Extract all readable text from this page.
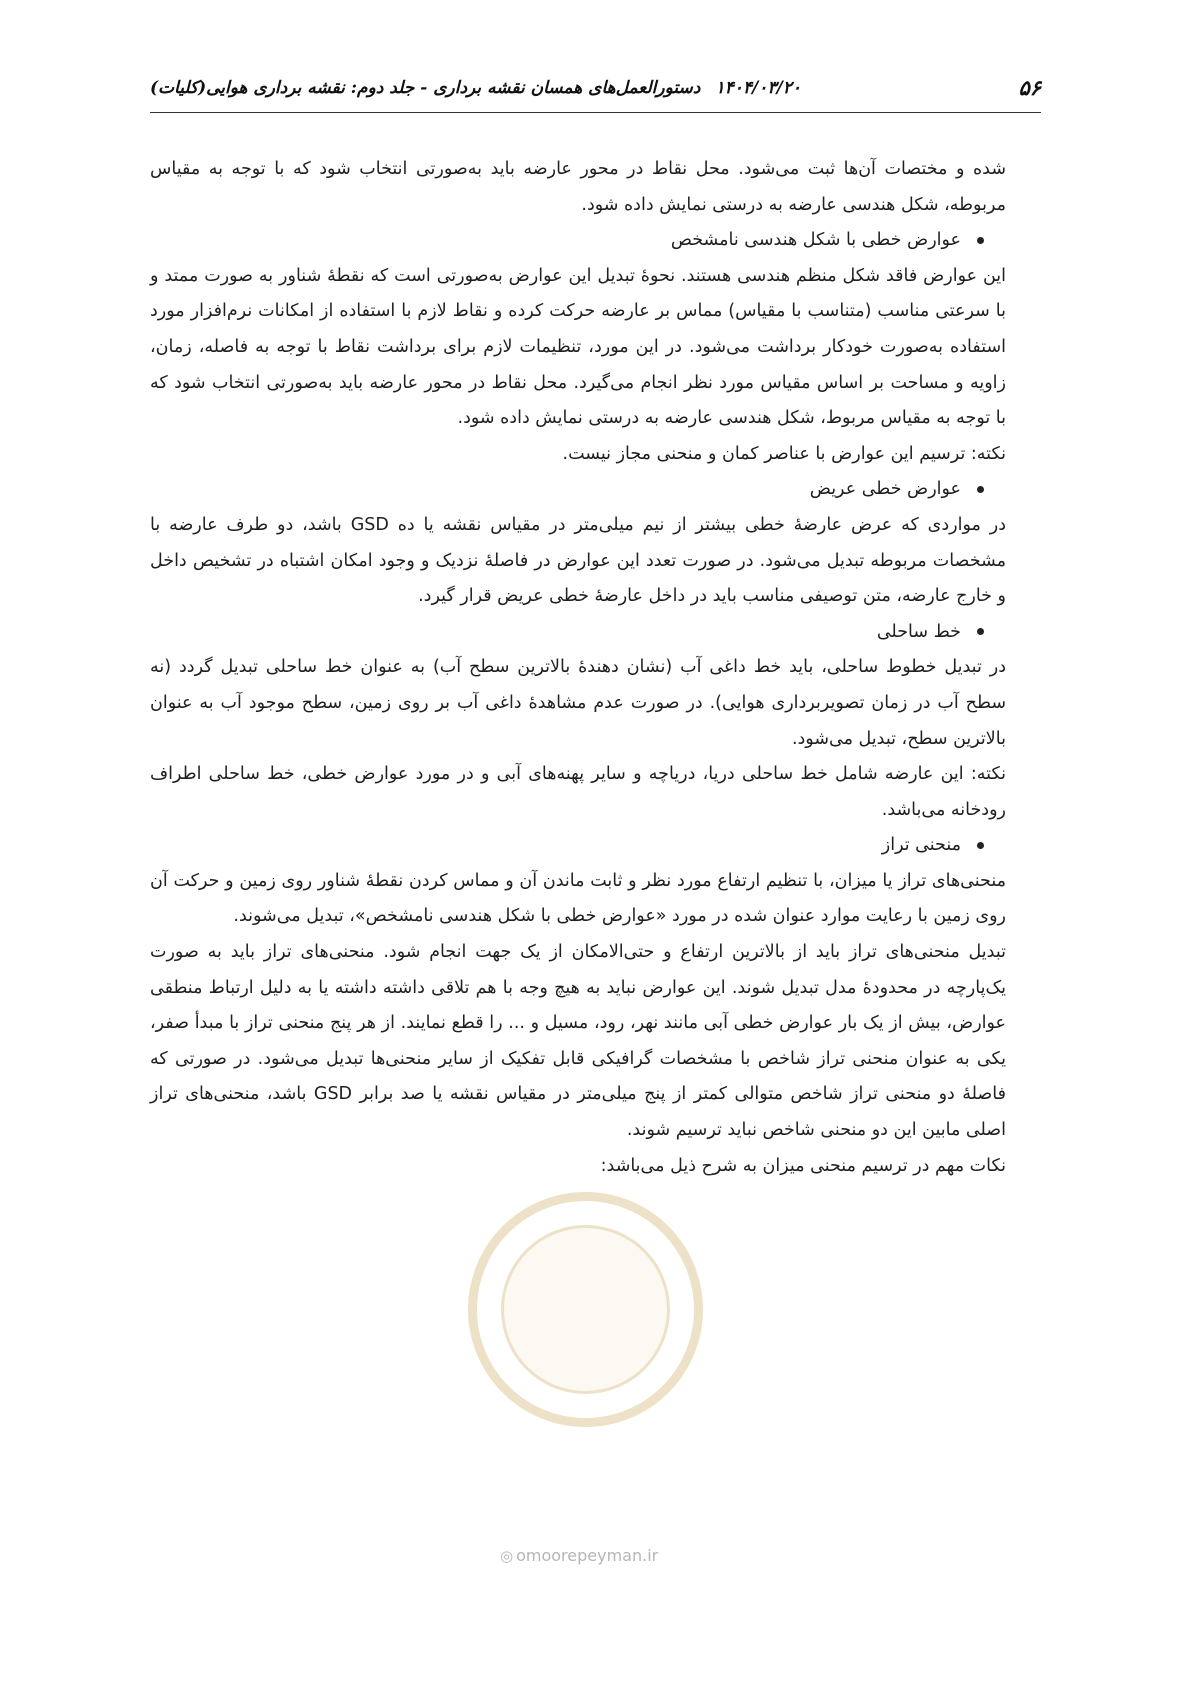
۵۶
۱۴۰۴/۰۳/۲۰
دستورالعمل‌های همسان نقشه برداری - جلد دوم: نقشه برداری هوایی(کلیات)

شده و مختصات آن‌ها ثبت می‌شود. محل نقاط در محور عارضه باید به‌صورتی انتخاب شود که با توجه به مقیاس مربوطه، شکل هندسی عارضه به درستی نمایش داده شود.

عوارض خطی با شکل هندسی نامشخص

این عوارض فاقد شکل منظم هندسی هستند. نحوهٔ تبدیل این عوارض به‌صورتی است که نقطهٔ شناور به صورت ممتد و با سرعتی مناسب (متناسب با مقیاس) مماس بر عارضه حرکت کرده و نقاط لازم با استفاده از امکانات نرم‌افزار مورد استفاده به‌صورت خودکار برداشت می‌شود. در این مورد، تنظیمات لازم برای برداشت نقاط با توجه به فاصله، زمان، زاویه و مساحت بر اساس مقیاس مورد نظر انجام می‌گیرد. محل نقاط در محور عارضه باید به‌صورتی انتخاب شود که با توجه به مقیاس مربوط، شکل هندسی عارضه به درستی نمایش داده شود.

نکته: ترسیم این عوارض با عناصر کمان و منحنی مجاز نیست.

عوارض خطی عریض

در مواردی که عرض عارضهٔ خطی بیشتر از نیم میلی‌متر در مقیاس نقشه یا ده GSD باشد، دو طرف عارضه با مشخصات مربوطه تبدیل می‌شود. در صورت تعدد این عوارض در فاصلهٔ نزدیک و وجود امکان اشتباه در تشخیص داخل و خارج عارضه، متن توصیفی مناسب باید در داخل عارضهٔ خطی عریض قرار گیرد.

خط ساحلی

در تبدیل خطوط ساحلی، باید خط داغی آب (نشان دهندهٔ بالاترین سطح آب) به عنوان خط ساحلی تبدیل گردد (نه سطح آب در زمان تصویربرداری هوایی). در صورت عدم مشاهدهٔ داغی آب بر روی زمین، سطح موجود آب به عنوان بالاترین سطح، تبدیل می‌شود.

نکته: این عارضه شامل خط ساحلی دریا، دریاچه و سایر پهنه‌های آبی و در مورد عوارض خطی، خط ساحلی اطراف رودخانه می‌باشد.

منحنی تراز

منحنی‌های تراز یا میزان، با تنظیم ارتفاع مورد نظر و ثابت ماندن آن و مماس کردن نقطهٔ شناور روی زمین و حرکت آن روی زمین با رعایت موارد عنوان شده در مورد «عوارض خطی با شکل هندسی نامشخص»، تبدیل می‌شوند.

تبدیل منحنی‌های تراز باید از بالاترین ارتفاع و حتی‌الامکان از یک جهت انجام شود. منحنی‌های تراز باید به صورت یک‌پارچه در محدودهٔ مدل تبدیل شوند. این عوارض نباید به هیچ وجه با هم تلاقی داشته داشته یا به دلیل ارتباط منطقی عوارض، بیش از یک بار عوارض خطی آبی مانند نهر، رود، مسیل و ... را قطع نمایند. از هر پنج منحنی تراز با مبدأ صفر، یکی به عنوان منحنی تراز شاخص با مشخصات گرافیکی قابل تفکیک از سایر منحنی‌ها تبدیل می‌شود. در صورتی که فاصلهٔ دو منحنی تراز شاخص متوالی کمتر از پنج میلی‌متر در مقیاس نقشه یا صد برابر GSD باشد، منحنی‌های تراز اصلی مابین این دو منحنی شاخص نباید ترسیم شوند.

نکات مهم در ترسیم منحنی میزان به شرح ذیل می‌باشد:

◎ omoorepeyman.ir
